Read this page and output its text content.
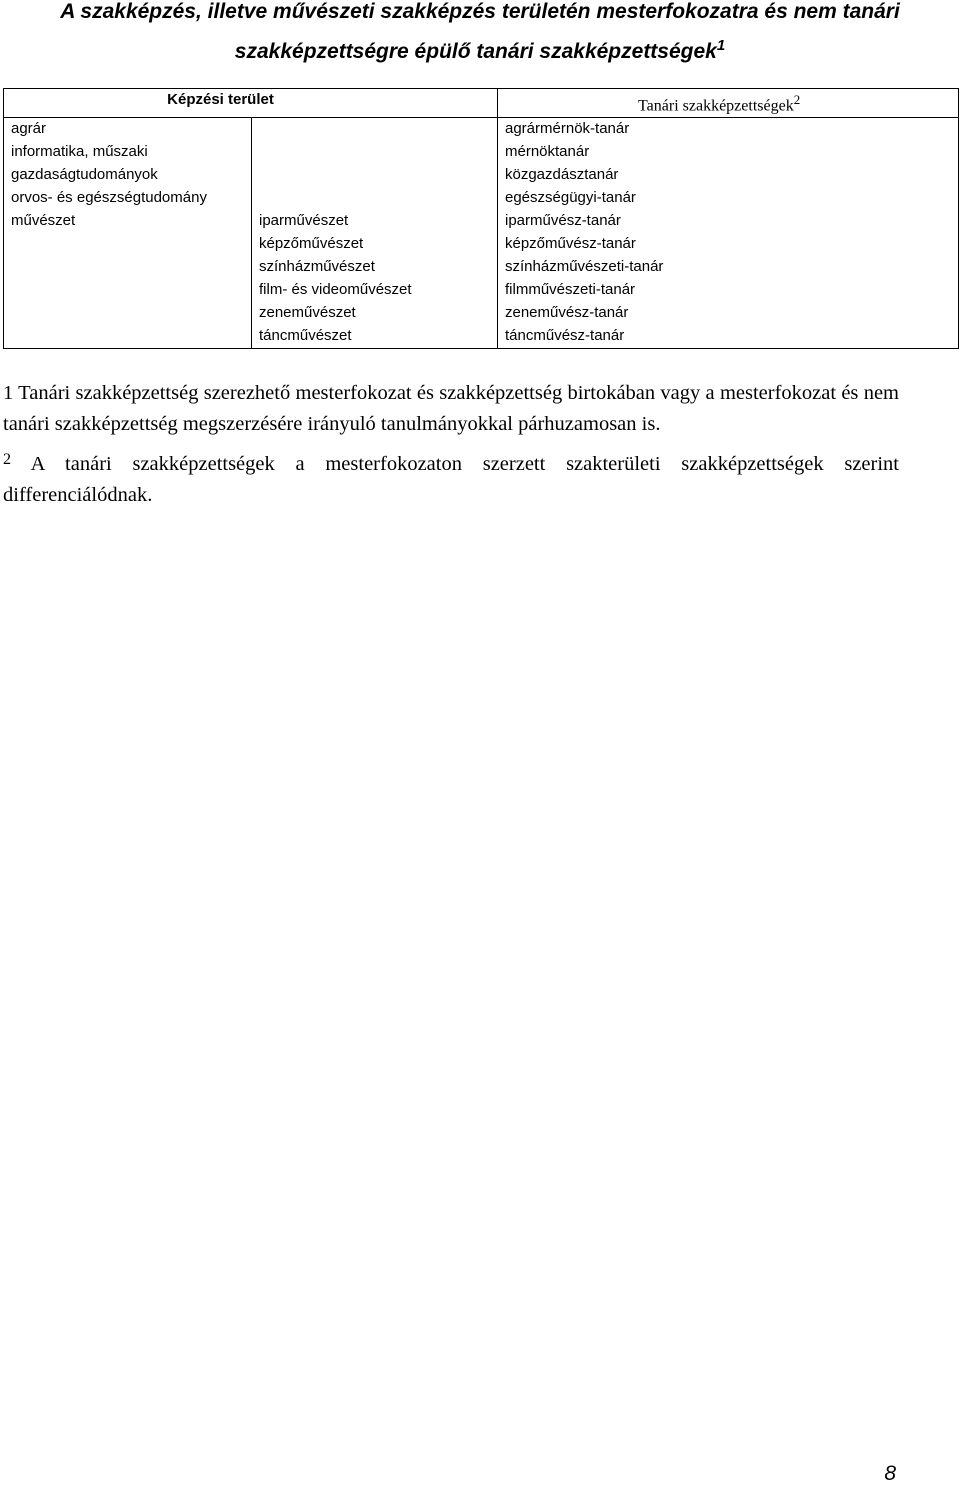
A szakképzés, illetve művészeti szakképzés területén mesterfokozatra és nem tanári
szakképzettségre épülő tanári szakképzettségek$^1$
Képzési terület		Tanári szakképzettségek$^2$
agrár		agrármérnök-tanár
informatika, műszaki		mérnöktanár
gazdaságtudományok		közgazdásztanár
orvos- és egészségtudomány		egészségügyi-tanár
művészet	iparművészet	iparművész-tanár
	képzőművészet	képzőművész-tanár
	színházművészet	színházművészeti-tanár
	film- és videoművészet	filmművészeti-tanár
	zeneművészet	zeneművész-tanár
	táncművészet	táncművész-tanár

1 Tanári szakképzettség szerezhető mesterfokozat és szakképzettség birtokában vagy a mesterfokozat és nem tanári szakképzettség megszerzésére irányuló tanulmányokkal párhuzamosan is.

$^2$ A tanári szakképzettségek a mesterfokozaton szerzett szakterületi szakképzettségek szerint differenciálódnak.

8
